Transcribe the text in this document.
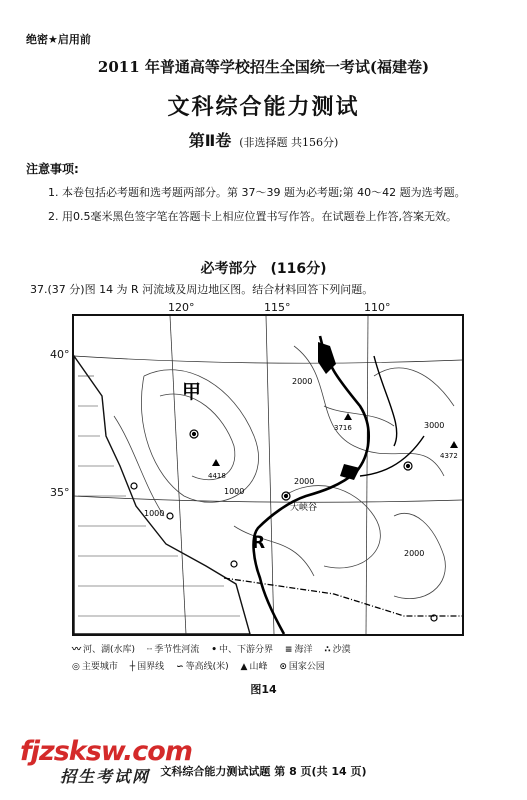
绝密★启用前
2011 年普通高等学校招生全国统一考试(福建卷)
文科综合能力测试
第Ⅱ卷 (非选择题 共156分)
注意事项:
1. 本卷包括必考题和选考题两部分。第 37～39 题为必考题;第 40～42 题为选考题。
2. 用0.5毫米黑色签字笔在答题卡上相应位置书写作答。在试题卷上作答,答案无效。
必考部分 (116分)
37.(37 分)图 14 为 R 河流域及周边地区图。结合材料回答下列问题。
120°	115°	110°
40°
35°
甲
R
大峡谷
1000
1000
2000
2000
2000
3000
4418
4372
3716
〰 河、湖(水库) ┈ 季节性河流 • 中、下游分界 ≡ 海洋 ∴ 沙漠
◎ 主要城市 ┼ 国界线 ∽ 等高线(米) ▲ 山峰 ⊙ 国家公园
图14
fjzsksw.com
招生考试网 文科综合能力测试试题 第 8 页(共 14 页)
